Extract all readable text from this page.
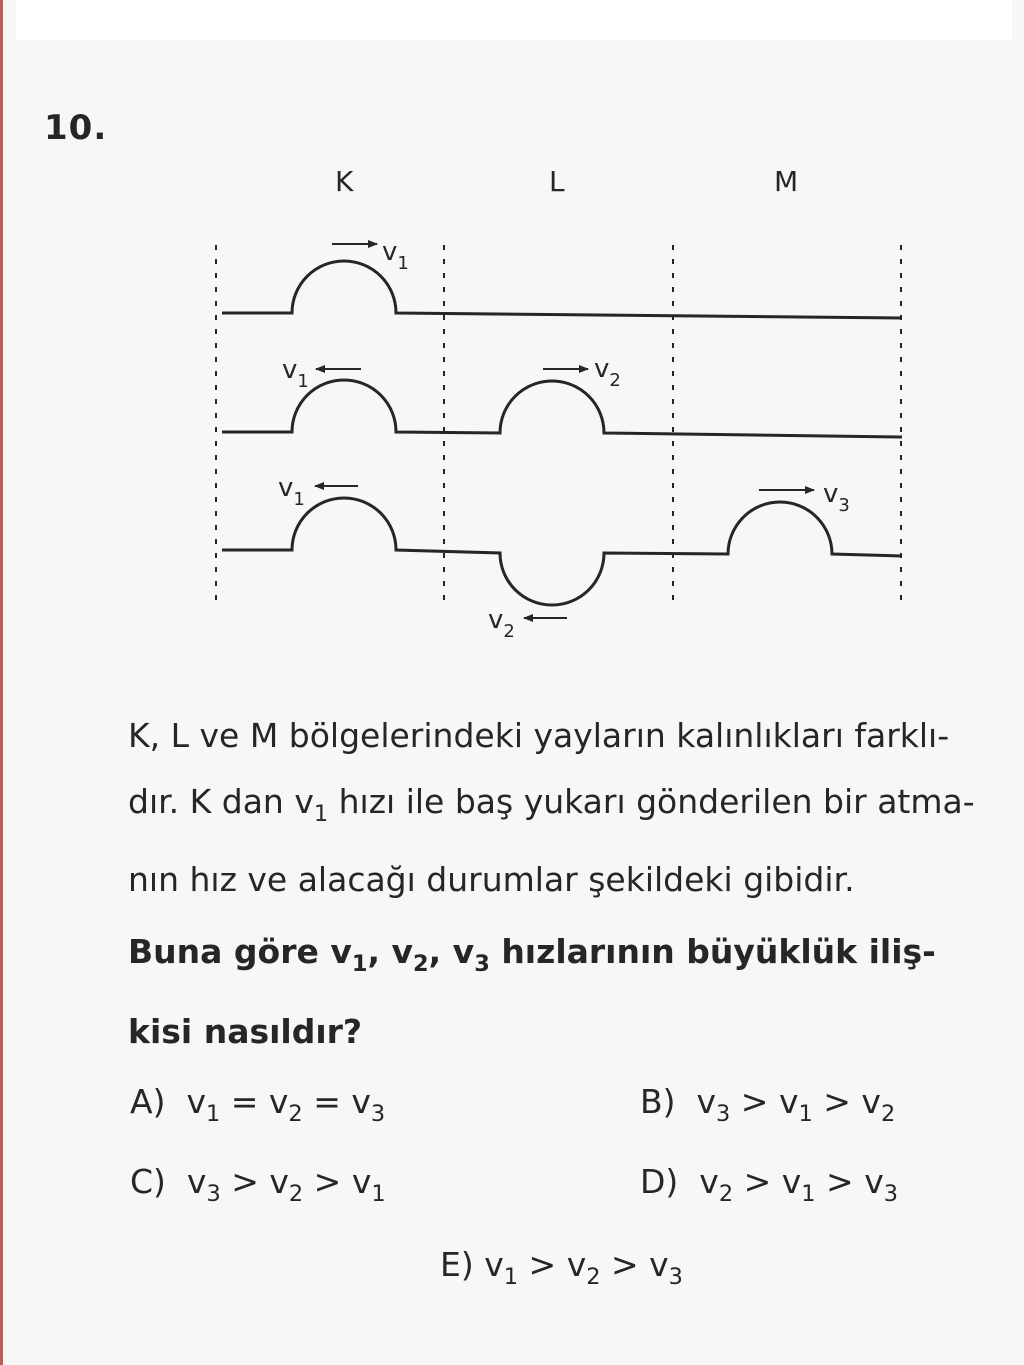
10.
K	L	M
$v_1$
$v_1$	$v_2$
$v_1$	$v_3$
$v_2$
K, L ve M bölgelerindeki yayların kalınlıkları farklı-
dır. K dan $v_1$ hızı ile baş yukarı gönderilen bir atma-
nın hız ve alacağı durumlar şekildeki gibidir.
Buna göre $v_1$, $v_2$, $v_3$ hızlarının büyüklük iliş-
kisi nasıldır?
A) $v_1 = v_2 = v_3$	B) $v_3 > v_1 > v_2$
C) $v_3 > v_2 > v_1$	D) $v_2 > v_1 > v_3$
E) $v_1 > v_2 > v_3$
